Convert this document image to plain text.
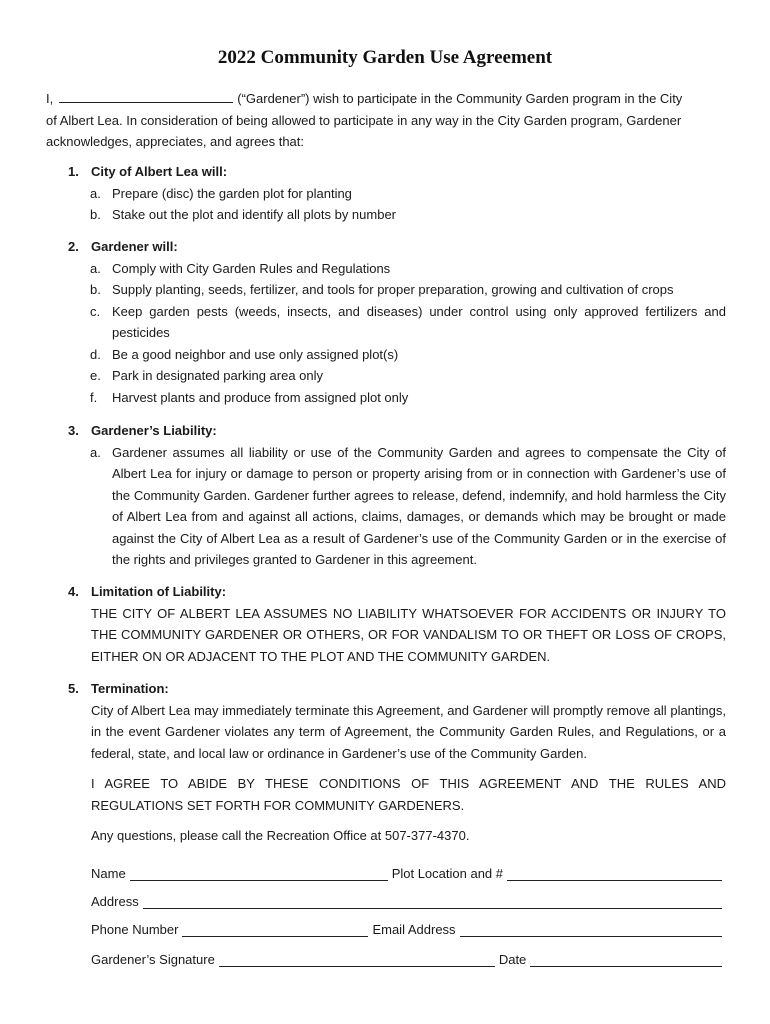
2022 Community Garden Use Agreement
I,	(“Gardener”) wish to participate in the Community Garden program in the City
of Albert Lea. In consideration of being allowed to participate in any way in the City Garden program, Gardener
acknowledges, appreciates, and agrees that:
1. City of Albert Lea will:
a. Prepare (disc) the garden plot for planting
b. Stake out the plot and identify all plots by number
2. Gardener will:
a. Comply with City Garden Rules and Regulations
b. Supply planting, seeds, fertilizer, and tools for proper preparation, growing and cultivation of crops
c. Keep garden pests (weeds, insects, and diseases) under control using only approved fertilizers and pesticides
d. Be a good neighbor and use only assigned plot(s)
e. Park in designated parking area only
f. Harvest plants and produce from assigned plot only
3. Gardener’s Liability:
a. Gardener assumes all liability or use of the Community Garden and agrees to compensate the City of Albert Lea for injury or damage to person or property arising from or in connection with Gardener’s use of the Community Garden. Gardener further agrees to release, defend, indemnify, and hold harmless the City of Albert Lea from and against all actions, claims, damages, or demands which may be brought or made against the City of Albert Lea as a result of Gardener’s use of the Community Garden or in the exercise of the rights and privileges granted to Gardener in this agreement.
4. Limitation of Liability:
THE CITY OF ALBERT LEA ASSUMES NO LIABILITY WHATSOEVER FOR ACCIDENTS OR INJURY TO THE COMMUNITY GARDENER OR OTHERS, OR FOR VANDALISM TO OR THEFT OR LOSS OF CROPS, EITHER ON OR ADJACENT TO THE PLOT AND THE COMMUNITY GARDEN.
5. Termination:
City of Albert Lea may immediately terminate this Agreement, and Gardener will promptly remove all plantings, in the event Gardener violates any term of Agreement, the Community Garden Rules, and Regulations, or a federal, state, and local law or ordinance in Gardener’s use of the Community Garden.
I AGREE TO ABIDE BY THESE CONDITIONS OF THIS AGREEMENT AND THE RULES AND REGULATIONS SET FORTH FOR COMMUNITY GARDENERS.
Any questions, please call the Recreation Office at 507-377-4370.
Name	Plot Location and #
Address
Phone Number	Email Address
Gardener’s Signature	Date
